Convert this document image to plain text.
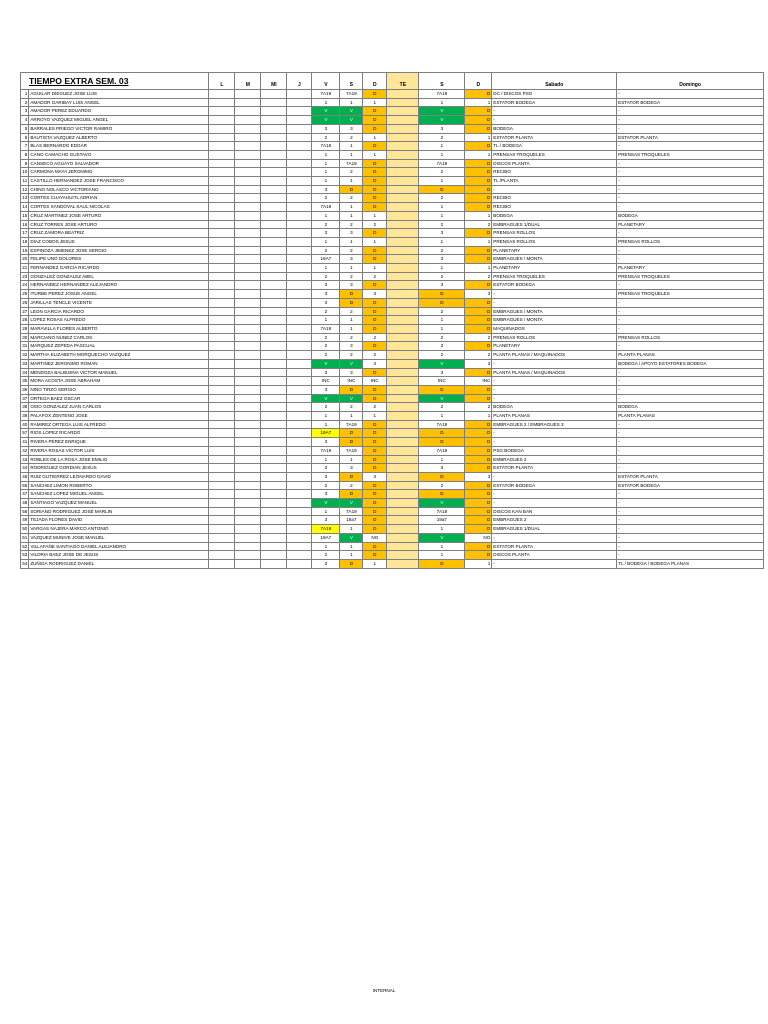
TIEMPO EXTRA SEM. 03		L	M	MI	J	V	S	D	TE	S	D	Sabado	Domingo
1	AGUILAR DIEGUEZ JOSE LUIS					7A19	7A19	D		7A19	D	DC / DISCOS PSG	-
2	AMADOR GARIBAY LUIS ANGEL					1	1	1		1	1	ESTATOR BODEGA	ESTATOR BODEGA
3	AMADOR PEREZ EDUARDO					V	V	D		V	D	-	-
4	ARROYO VAZQUEZ MIGUEL ANGEL					V	V	D		V	D	-	-
5	BARRALES PRIEGO VICTOR RAMIRO					3	3	D		3	D	BODEGA	-
6	BAUTISTA VAZQUEZ ALBERTO					2	2	1		2	1	ESTATOR PLANTA	ESTATOR PLANTA
7	BLAS BERNARDO EDGAR					7A18	1	D		1	D	TL / BODEGA	-
8	CANO CAMACHO GUSTAVO					1	1	1		1	1	PRENSAS TROQUELES	PRENSAS TROQUELES
9	CANSECO AGUAYO SALVADOR					1	7A19	D		7A19	D	DISCOS PLANTA	-
10	CARMONA MAYA JERONIMO					1	2	D		2	D	RECIBO	-
11	CASTILLO HERNANDEZ JOSE FRANCISCO					1	1	D		1	D	TL /PLANTA	-
12	CHINO NOLASCO VICTORIANO					3	D	D		D	D	-	-
13	CORTES CUAYAHUITL ADRIAN					2	2	D		2	D	RECIBO	-
14	CORTES SANDOVAL SAUL NICOLAS					7A19	1	D		1	D	RECIBO	-
15	CRUZ MARTINEZ JOSE ARTURO					1	1	1		1	1	BODEGA	BODEGA
16	CRUZ TORRES JOSE ARTURO					2	2	2		2	2	EMBRAGUES 1/DUAL	PLANETARY
17	CRUZ ZAMORA BEATRIZ					3	3	D		3	D	PRENSAS ROLLOS	-
18	DIAZ COBOS JESUS					1	1	1		1	1	PRENSAS ROLLOS	PRENSAS ROLLOS
19	ESPINOZA JIMENEZ JOSE SERGIO					2	2	D		2	D	PLANETARY	-
20	FELIPE UNO DOLORES					19A7	3	D		3	D	EMBRAGUES / MONTA	-
21	FERNANDEZ GARCIA RICARDO					1	1	1		1	1	PLANETARY	PLANETARY
23	GONZALEZ GONZALEZ ABEL					2	2	2		2	2	PRENSAS TROQUELES	PRENSAS TROQUELES
24	HERNANDEZ HERNANDEZ ALEJANDRO					3	3	D		3	D	ESTATOR BODEGA	-
25	ITURBE PEREZ JOSUE ANGEL					3	D	3		D	3	-	PRENSAS TROQUELES
26	JARILLAS TENCLE VICENTE					3	D	D		D	D	-	-
27	LEON GARCIA RICARDO					2	2	D		2	D	EMBRAGUES / MONTA	-
28	LOPEZ ROSAS ALFREDO					1	1	D		1	D	EMBRAGUES / MONTA	-
29	MARAVILLA FLORES ALBERTO					7A19	1	D		1	D	MAQUINADOS	-
30	MARCIANO NUNEZ CARLOS					2	2	2		2	2	PRENSAS ROLLOS	PRENSAS ROLLOS
31	MARQUEZ ZEPEDA PASCUAL					2	3	D		3	D	PLANETARY	-
32	MARTHA ELIZABETH MORQUECHO VAZQUEZ					2	2	2		2	2	PLANTA PLANAS / MAQUINADOS	PLANTA PLANAS
33	MARTINEZ JERONIMO ROMAN					V	V	3		V	3	-	BODEGA / APOYO ESTATORES BODEGA
34	MENDOZA BALBUENA VICTOR MANUEL					3	3	D		3	D	PLANTA PLANAS / MAQUINADOS	-
35	MORA ACOSTA JOSE ABRAHAM					INC	INC	INC		INC	INC	-	-
36	NIÑO TIRZO SERGIO					3	D	D		D	D	-	-
37	ORTEGA BAEZ OSCAR					V	V	D		V	D	-	-
38	OSIO GONZALEZ JUAN CARLOS					2	2	2		2	2	BODEGA	BODEGA
39	PALAFOX ZENTENO JOSE					1	1	1		1	1	PLANTA PLANAS	PLANTA PLANAS
40	RAMIREZ ORTEGA LUIS ALFREDO					1	7A19	D		7A19	D	EMBRAGUES 2 / EMBRAGUES 3	-
57	RIOS LOPEZ RICARDO					19A7	D	D		D	D	-	-
41	RIVERA PEREZ ENRIQUE					3	D	D		D	D	-	-
42	RIVERA ROSAS VICTOR LUIS					7A19	7A19	D		7A19	D	PSG BODEGA	-
43	ROBLES DE LA ROSA JOSE EMILIO					1	1	D		1	D	EMBRAGUES 2	-
44	RODRIGUEZ GORDIAN JESUS					3	3	D		3	D	ESTATOR PLANTA	-
46	RUIZ GUTIERREZ LEONARDO DAVID					3	D	3		D	3	-	ESTATOR PLANTA
55	SANCHEZ LIMON ROBERTO					2	2	D		2	D	ESTATOR BODEGA	ESTATOR BODEGA
47	SANCHEZ LOPEZ MIGUEL ANGEL					3	D	D		D	D	-	-
48	SANTIAGO VAZQUEZ MANUEL					V	V	D		V	D	-	-
56	SORIANO RODRÍGUEZ JOSÉ MARLIN					1	7A19	D		7A19	D	DISCOS KAN BAN	-
49	TEJADA FLORES DAVID					3	19a7	D		19a7	D	EMBRAGUES 2	-
50	VARGAS NAJERA MARCO ANTONIO					7A19	1	D		1	D	EMBRAGUES 1/DUAL	-
51	VAZQUEZ MUNIVE JOSE MANUEL					19A7	V	NO		V	NO	-	-
52	VILLAFAÑE SANTIAGO DANIEL ALEJANDRO					1	1	D		1	D	ESTATOR PLANTA	-
53	VILDRIA BAEZ JOSE DE JESUS					2	1	D		1	D	DISCOS PLANTA	-
54	ZUÑIGA RODRIGUEZ DANIEL					3	D	1		D	1	-	TL / BODEGA / BODEGA PLANAS
INTERNAL
